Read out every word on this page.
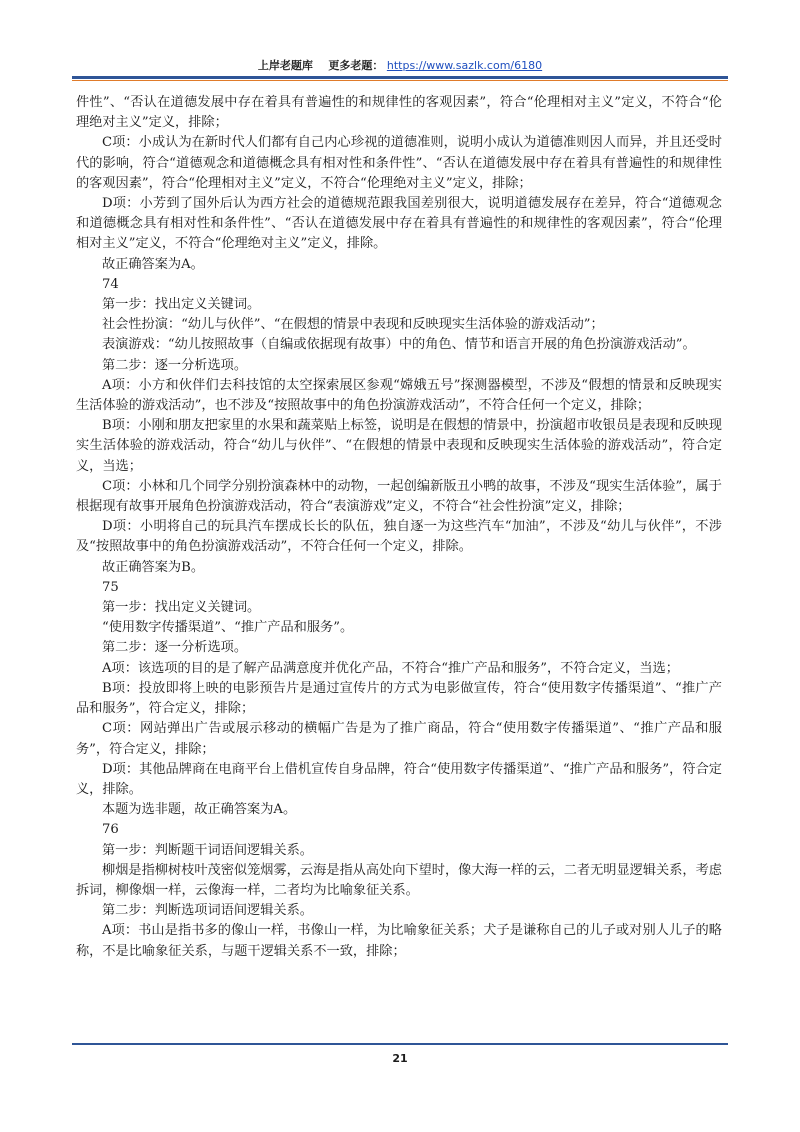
上岸老题库 更多老题： https://www.sazlk.com/6180

件性”、“否认在道德发展中存在着具有普遍性的和规律性的客观因素”，符合“伦理相对主义”定义，不符合“伦理绝对主义”定义，排除；

C项：小成认为在新时代人们都有自己内心珍视的道德准则，说明小成认为道德准则因人而异，并且还受时代的影响，符合“道德观念和道德概念具有相对性和条件性”、“否认在道德发展中存在着具有普遍性的和规律性的客观因素”，符合“伦理相对主义”定义，不符合“伦理绝对主义”定义，排除；

D项：小芳到了国外后认为西方社会的道德规范跟我国差别很大，说明道德发展存在差异，符合“道德观念和道德概念具有相对性和条件性”、“否认在道德发展中存在着具有普遍性的和规律性的客观因素”，符合“伦理相对主义”定义，不符合“伦理绝对主义”定义，排除。

故正确答案为A。

74

第一步：找出定义关键词。

社会性扮演：“幼儿与伙伴”、“在假想的情景中表现和反映现实生活体验的游戏活动”；

表演游戏：“幼儿按照故事（自编或依据现有故事）中的角色、情节和语言开展的角色扮演游戏活动”。

第二步：逐一分析选项。

A项：小方和伙伴们去科技馆的太空探索展区参观“嫦娥五号”探测器模型，不涉及“假想的情景和反映现实生活体验的游戏活动”，也不涉及“按照故事中的角色扮演游戏活动”，不符合任何一个定义，排除；

B项：小刚和朋友把家里的水果和蔬菜贴上标签，说明是在假想的情景中，扮演超市收银员是表现和反映现实生活体验的游戏活动，符合“幼儿与伙伴”、“在假想的情景中表现和反映现实生活体验的游戏活动”，符合定义，当选；

C项：小林和几个同学分别扮演森林中的动物，一起创编新版丑小鸭的故事，不涉及“现实生活体验”，属于根据现有故事开展角色扮演游戏活动，符合“表演游戏”定义，不符合“社会性扮演”定义，排除；

D项：小明将自己的玩具汽车摆成长长的队伍，独自逐一为这些汽车“加油”，不涉及“幼儿与伙伴”，不涉及“按照故事中的角色扮演游戏活动”，不符合任何一个定义，排除。

故正确答案为B。

75

第一步：找出定义关键词。

“使用数字传播渠道”、“推广产品和服务”。

第二步：逐一分析选项。

A项：该选项的目的是了解产品满意度并优化产品，不符合“推广产品和服务”，不符合定义，当选；

B项：投放即将上映的电影预告片是通过宣传片的方式为电影做宣传，符合“使用数字传播渠道”、“推广产品和服务”，符合定义，排除；

C项：网站弹出广告或展示移动的横幅广告是为了推广商品，符合“使用数字传播渠道”、“推广产品和服务”，符合定义，排除；

D项：其他品牌商在电商平台上借机宣传自身品牌，符合“使用数字传播渠道”、“推广产品和服务”，符合定义，排除。

本题为选非题，故正确答案为A。

76

第一步：判断题干词语间逻辑关系。

柳烟是指柳树枝叶茂密似笼烟雾，云海是指从高处向下望时，像大海一样的云，二者无明显逻辑关系，考虑拆词，柳像烟一样，云像海一样，二者均为比喻象征关系。

第二步：判断选项词语间逻辑关系。

A项：书山是指书多的像山一样，书像山一样，为比喻象征关系；犬子是谦称自己的儿子或对别人儿子的略称，不是比喻象征关系，与题干逻辑关系不一致，排除；

21
